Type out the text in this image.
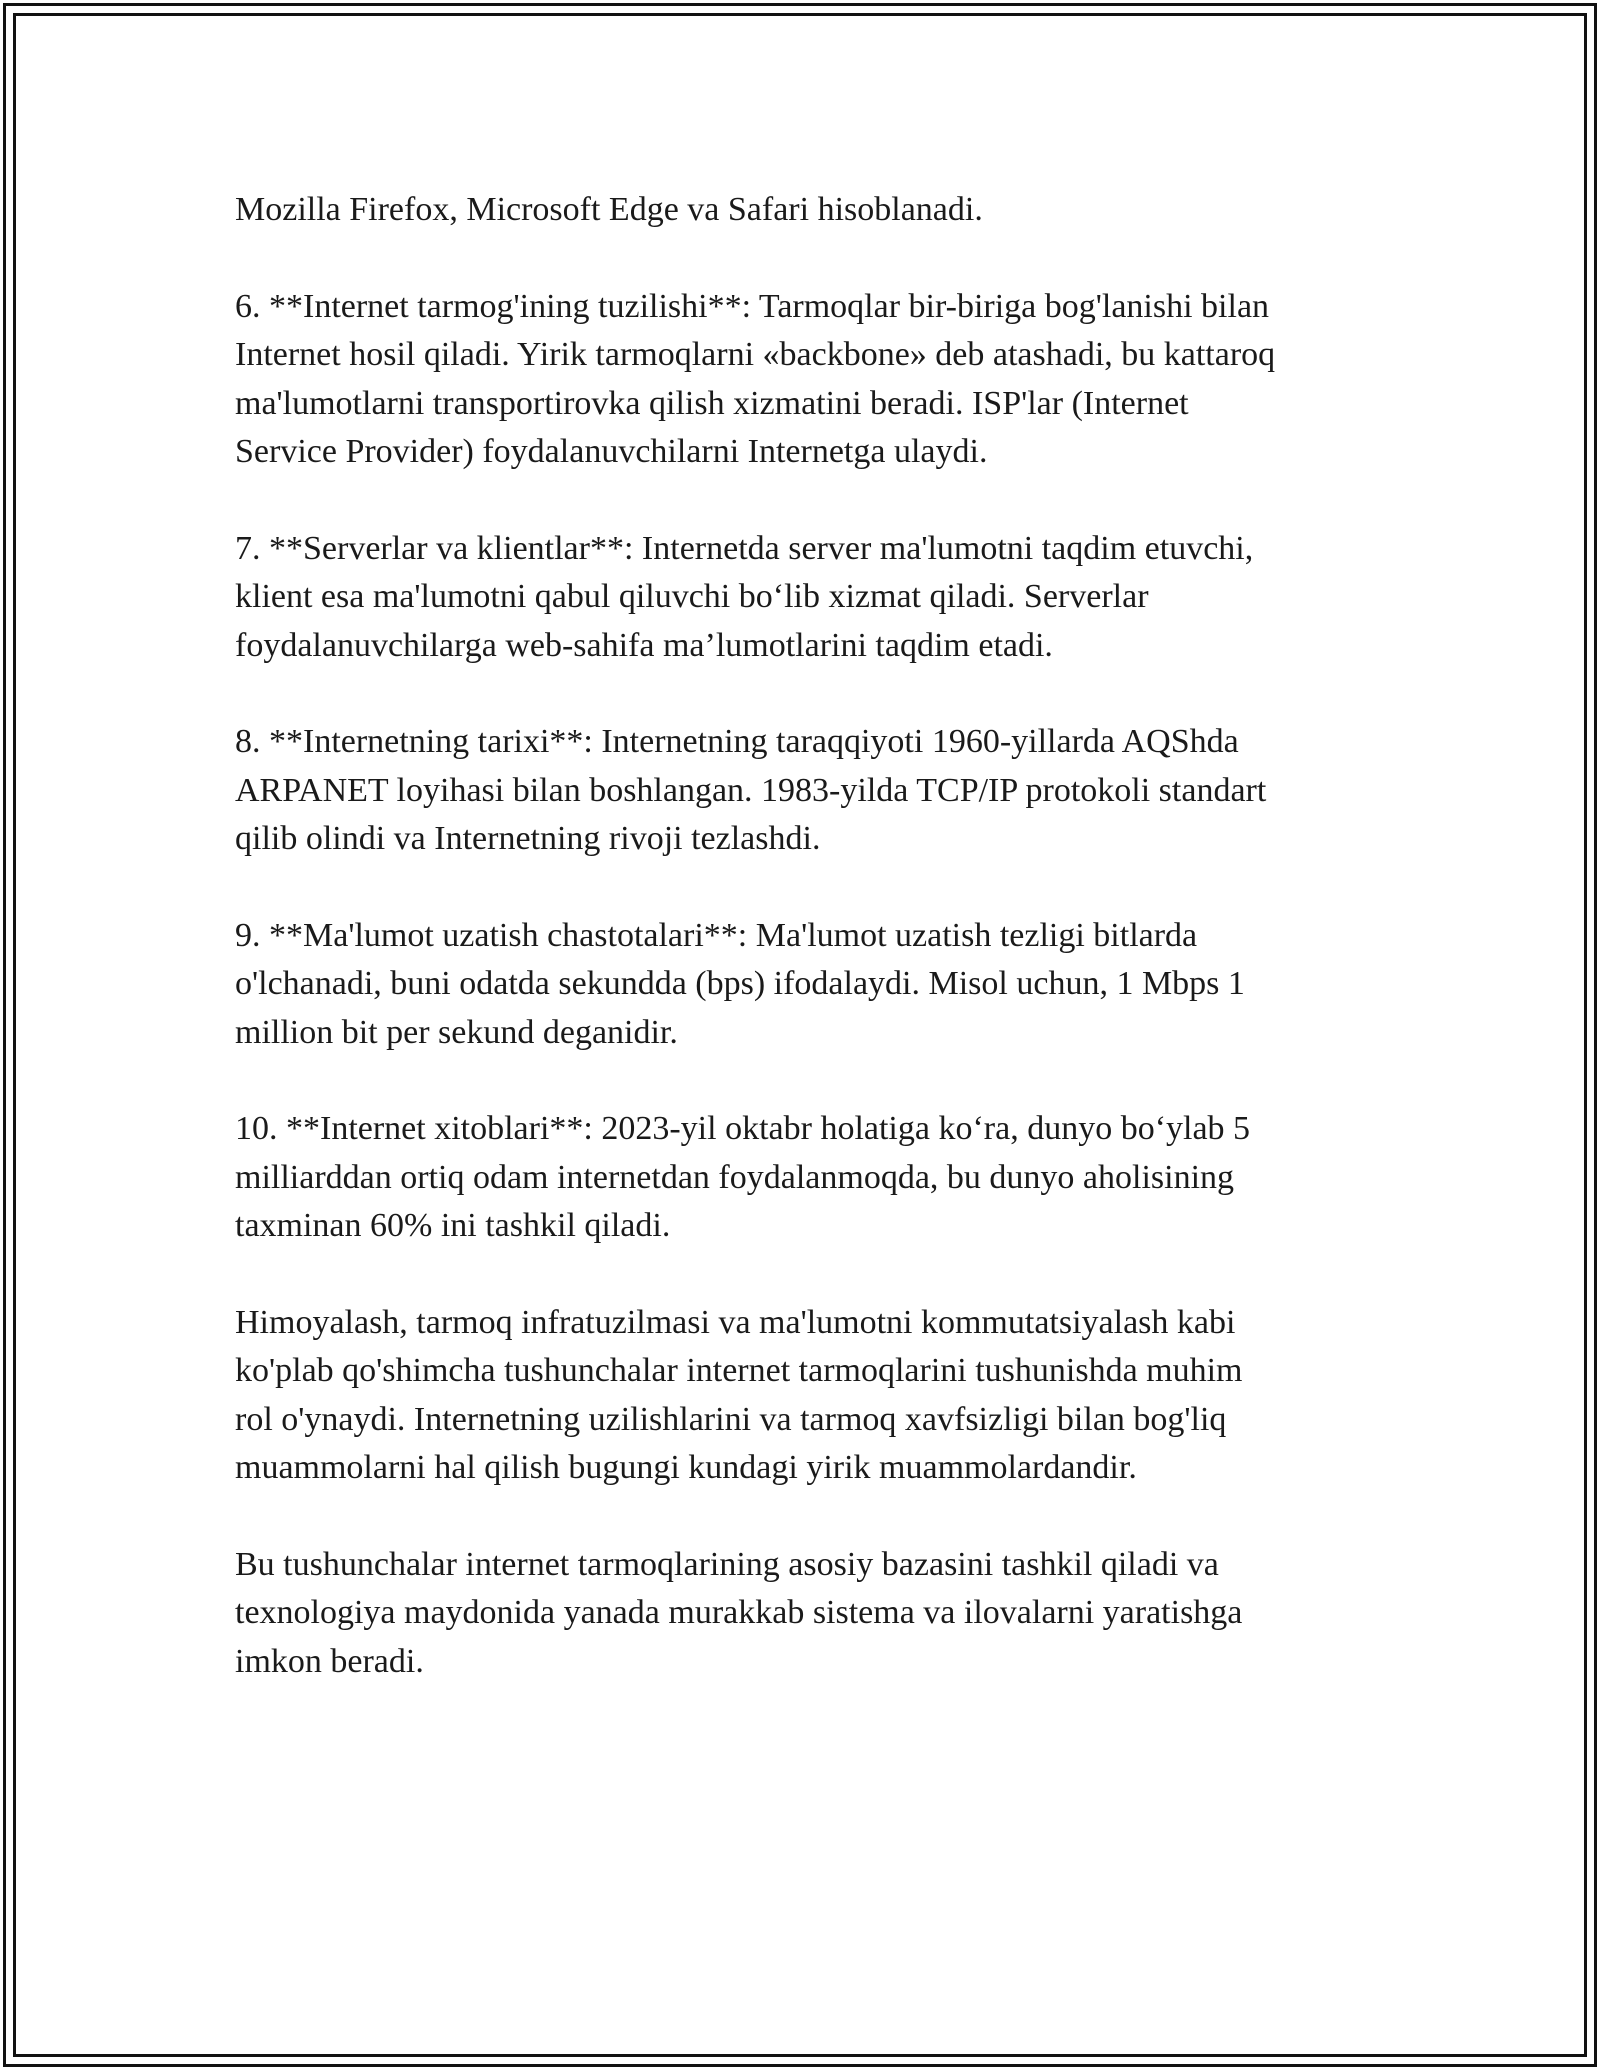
Mozilla Firefox, Microsoft Edge va Safari hisoblanadi.

6. **Internet tarmog'ining tuzilishi**: Tarmoqlar bir-biriga bog'lanishi bilan
Internet hosil qiladi. Yirik tarmoqlarni «backbone» deb atashadi, bu kattaroq
ma'lumotlarni transportirovka qilish xizmatini beradi. ISP'lar (Internet
Service Provider) foydalanuvchilarni Internetga ulaydi.

7. **Serverlar va klientlar**: Internetda server ma'lumotni taqdim etuvchi,
klient esa ma'lumotni qabul qiluvchi bo‘lib xizmat qiladi. Serverlar
foydalanuvchilarga web-sahifa ma’lumotlarini taqdim etadi.

8. **Internetning tarixi**: Internetning taraqqiyoti 1960-yillarda AQShda
ARPANET loyihasi bilan boshlangan. 1983-yilda TCP/IP protokoli standart
qilib olindi va Internetning rivoji tezlashdi.

9. **Ma'lumot uzatish chastotalari**: Ma'lumot uzatish tezligi bitlarda
o'lchanadi, buni odatda sekundda (bps) ifodalaydi. Misol uchun, 1 Mbps 1
million bit per sekund deganidir.

10. **Internet xitoblari**: 2023-yil oktabr holatiga ko‘ra, dunyo bo‘ylab 5
milliarddan ortiq odam internetdan foydalanmoqda, bu dunyo aholisining
taxminan 60% ini tashkil qiladi.

Himoyalash, tarmoq infratuzilmasi va ma'lumotni kommutatsiyalash kabi
ko'plab qo'shimcha tushunchalar internet tarmoqlarini tushunishda muhim
rol o'ynaydi. Internetning uzilishlarini va tarmoq xavfsizligi bilan bog'liq
muammolarni hal qilish bugungi kundagi yirik muammolardandir.

Bu tushunchalar internet tarmoqlarining asosiy bazasini tashkil qiladi va
texnologiya maydonida yanada murakkab sistema va ilovalarni yaratishga
imkon beradi.
